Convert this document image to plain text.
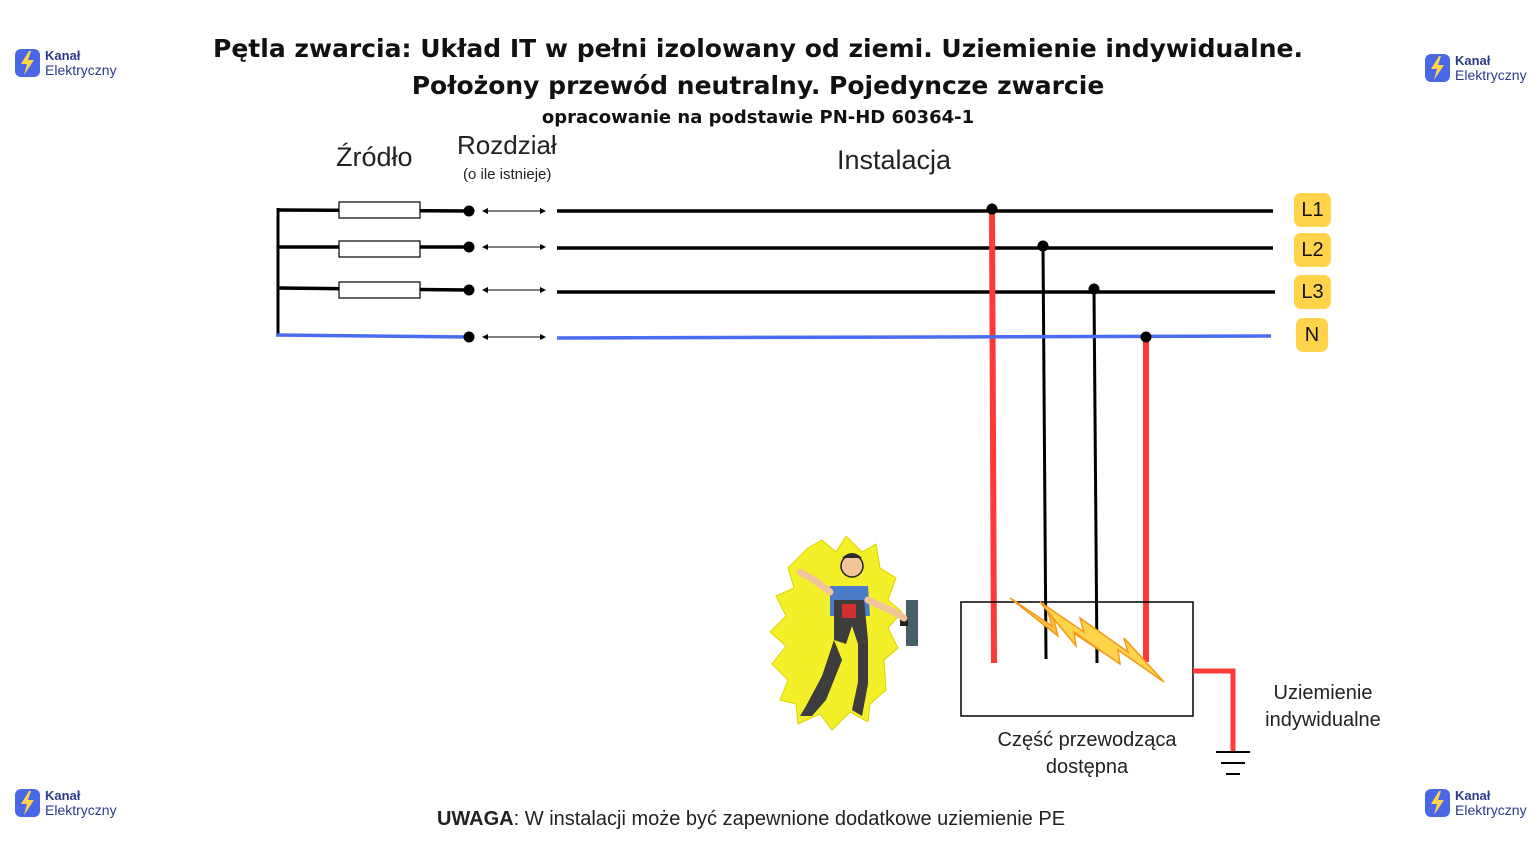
Kanał
Elektryczny
Kanał
Elektryczny
Kanał
Elektryczny
Kanał
Elektryczny
Pętla zwarcia: Układ IT w pełni izolowany od ziemi. Uziemienie indywidualne.
Położony przewód neutralny. Pojedyncze zwarcie
opracowanie na podstawie PN-HD 60364-1
Źródło Rozdział
(o ile istnieje)	Instalacja
L1
L2
L3
N
Część przewodząca
dostępna
Uziemienie
indywidualne
UWAGA: W instalacji może być zapewnione dodatkowe uziemienie PE
